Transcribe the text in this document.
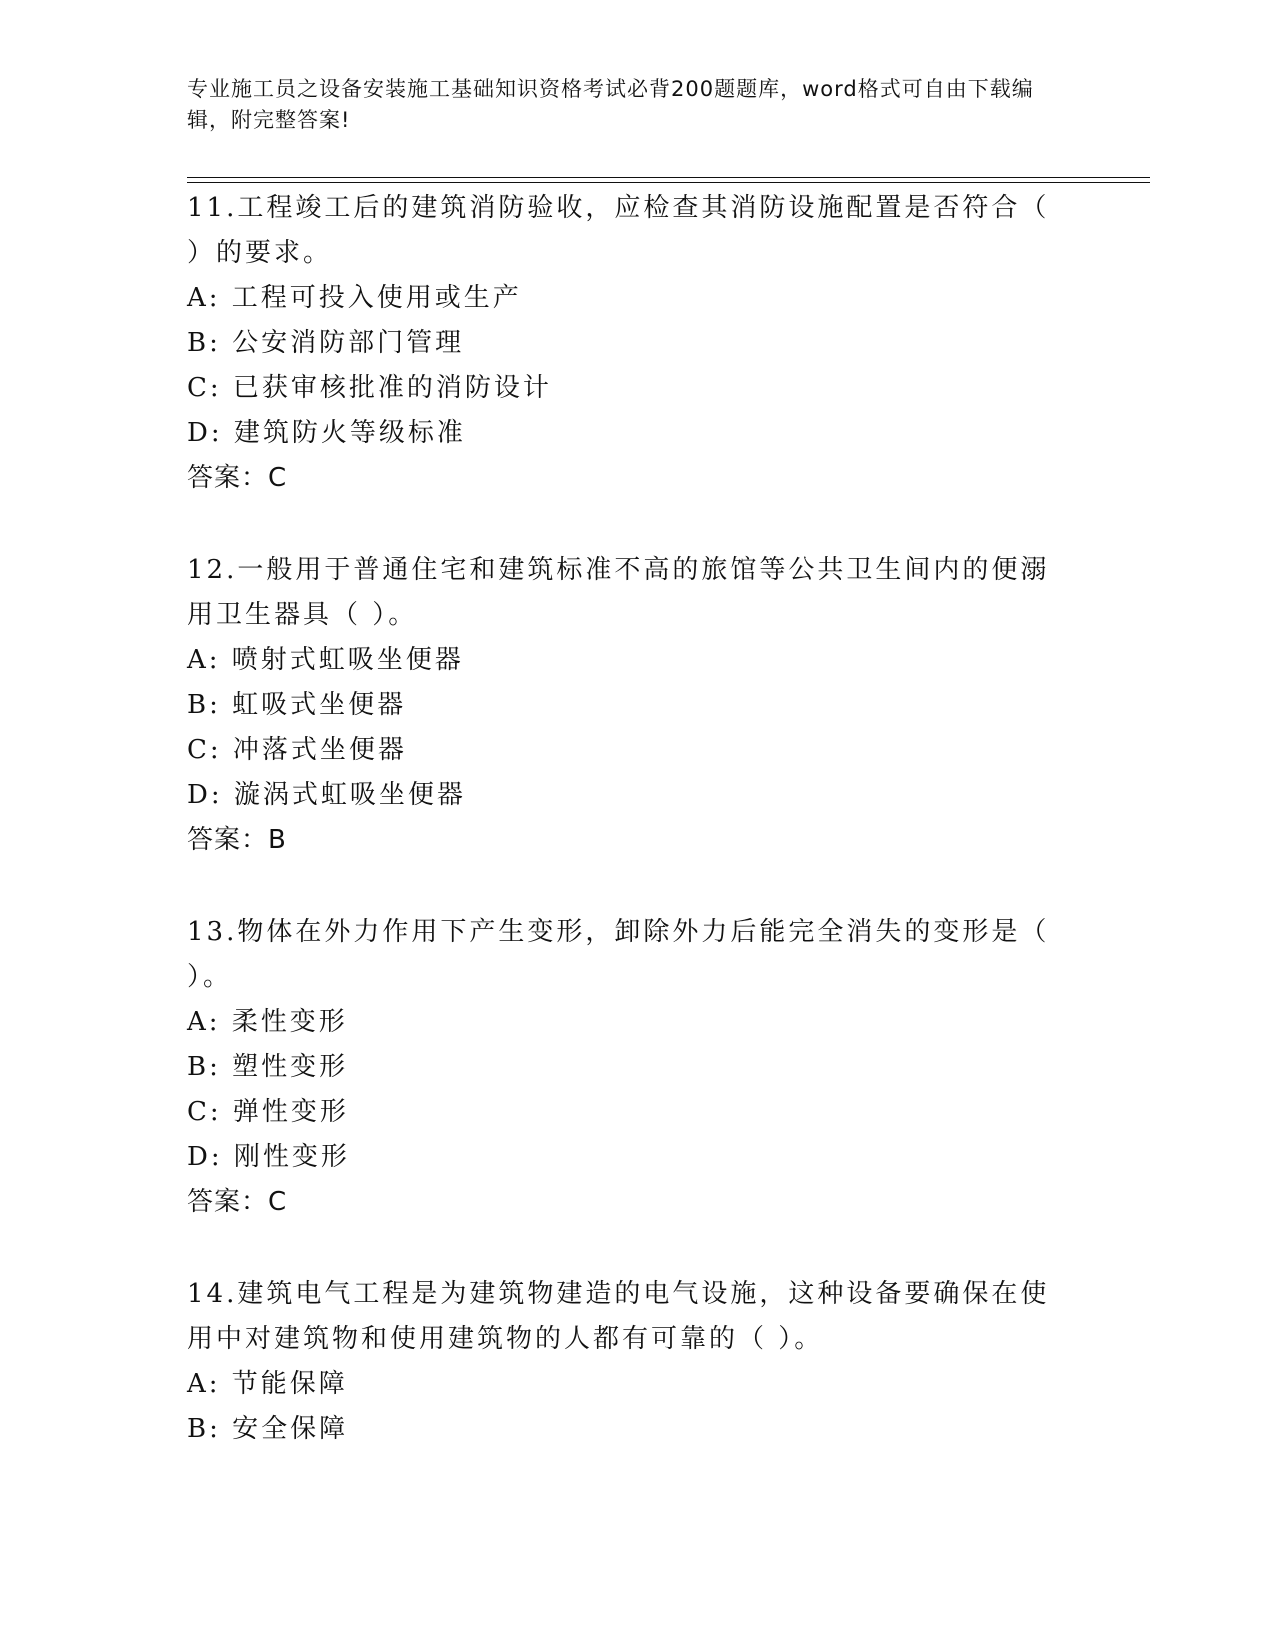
专业施工员之设备安装施工基础知识资格考试必背200题题库，word格式可自由下载编辑，附完整答案!
11.工程竣工后的建筑消防验收，应检查其消防设施配置是否符合（ ）的要求。
A: 工程可投入使用或生产
B: 公安消防部门管理
C: 已获审核批准的消防设计
D: 建筑防火等级标准
答案：C
12.一般用于普通住宅和建筑标准不高的旅馆等公共卫生间内的便溺用卫生器具（ ）。
A: 喷射式虹吸坐便器
B: 虹吸式坐便器
C: 冲落式坐便器
D: 漩涡式虹吸坐便器
答案：B
13.物体在外力作用下产生变形，卸除外力后能完全消失的变形是（ ）。
A: 柔性变形
B: 塑性变形
C: 弹性变形
D: 刚性变形
答案：C
14.建筑电气工程是为建筑物建造的电气设施，这种设备要确保在使用中对建筑物和使用建筑物的人都有可靠的（ ）。
A: 节能保障
B: 安全保障
